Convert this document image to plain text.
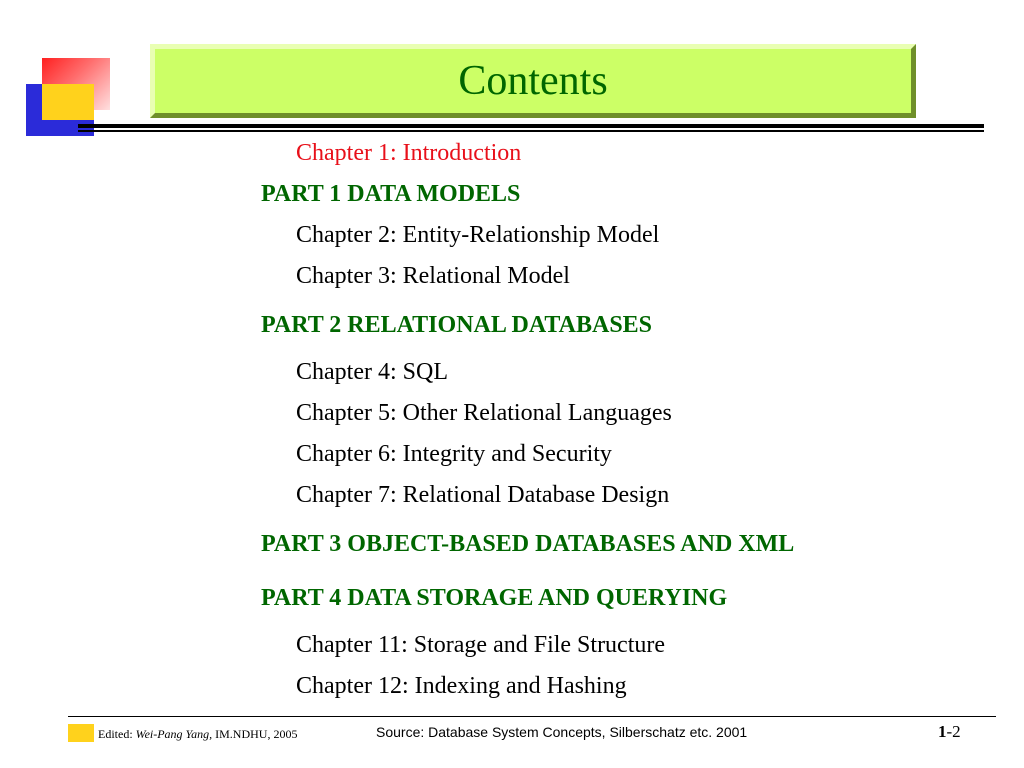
Contents
Chapter 1: Introduction
PART 1 DATA MODELS
Chapter 2: Entity-Relationship Model
Chapter 3: Relational Model
PART 2 RELATIONAL DATABASES
Chapter 4: SQL
Chapter 5: Other Relational Languages
Chapter 6: Integrity and Security
Chapter 7: Relational Database Design
PART 3 OBJECT-BASED DATABASES AND XML
PART 4 DATA STORAGE AND QUERYING
Chapter 11: Storage and File Structure
Chapter 12: Indexing and Hashing
Edited: Wei-Pang Yang, IM.NDHU, 2005	Source: Database System Concepts, Silberschatz etc. 2001	1-2
